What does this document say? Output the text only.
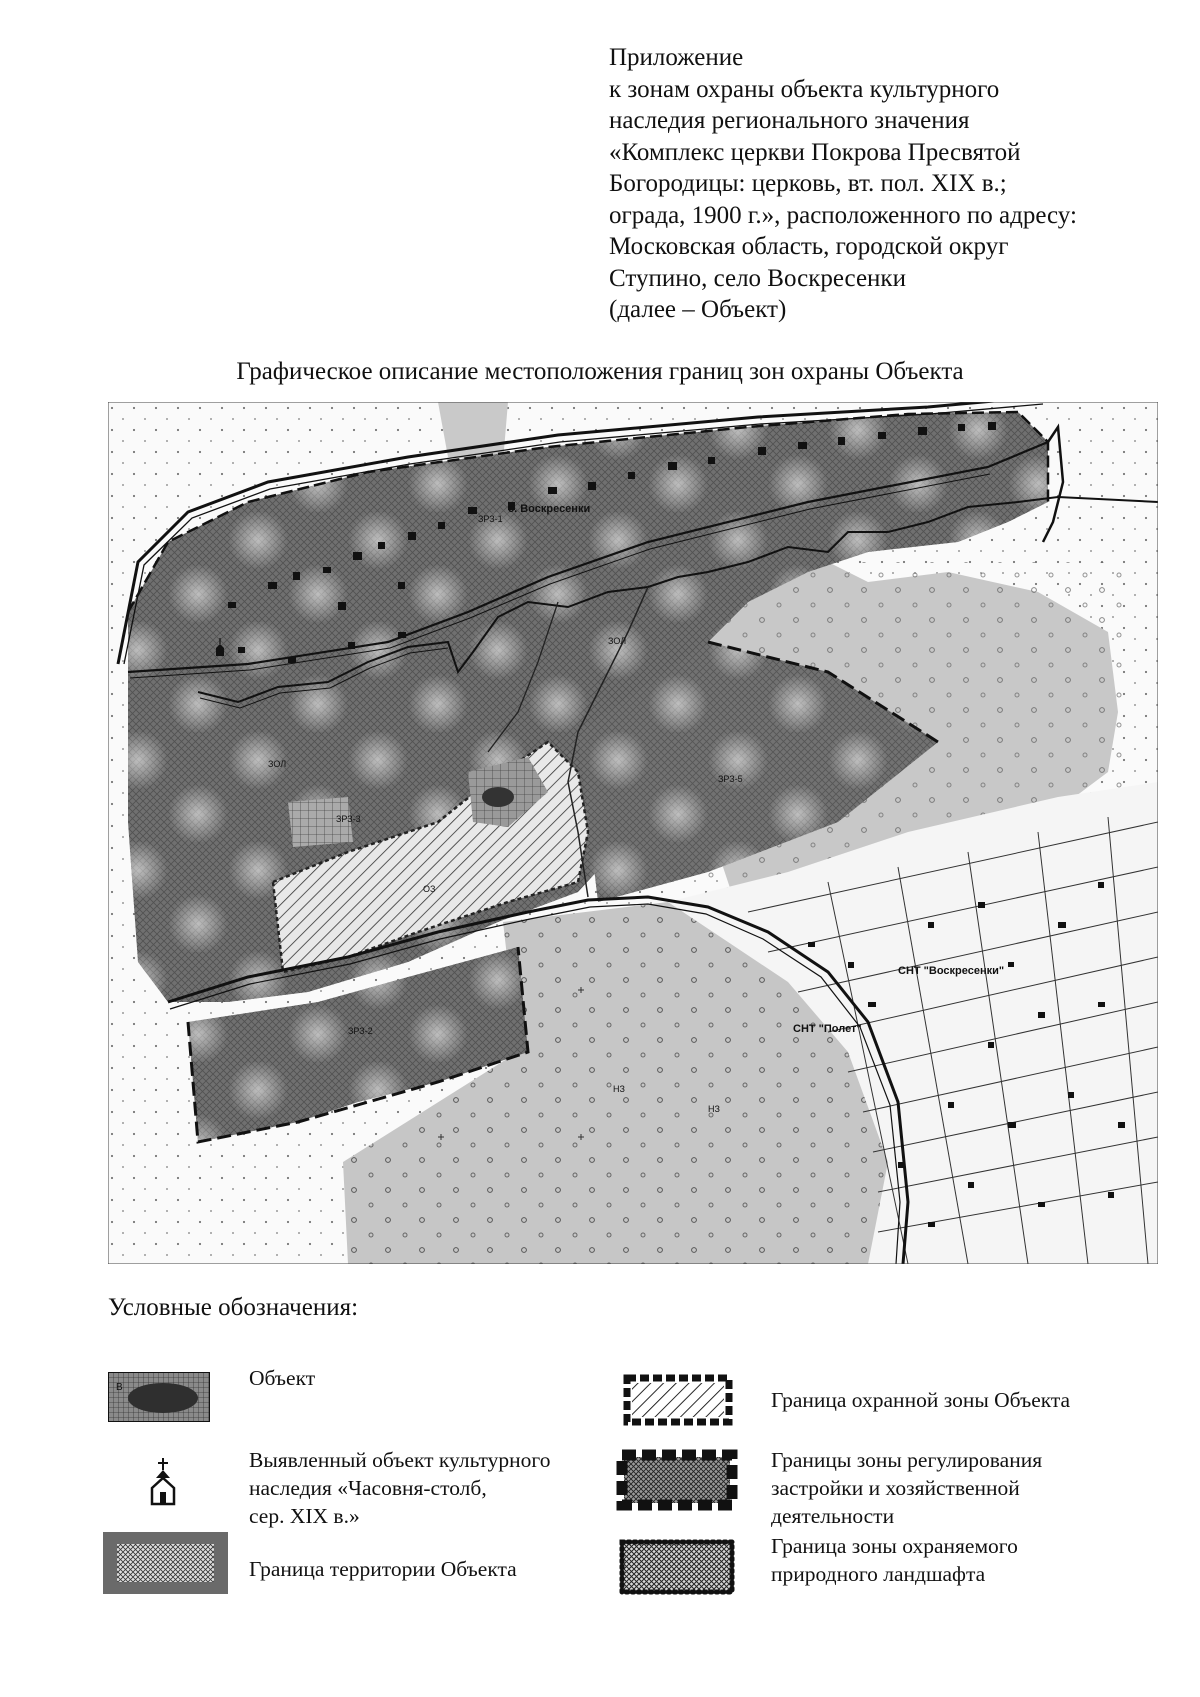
Приложение
к зонам охраны объекта культурного
наследия регионального значения
«Комплекс церкви Покрова Пресвятой
Богородицы: церковь, вт. пол. XIX в.;
ограда, 1900 г.», расположенного по адресу:
Московская область, городской округ
Ступино, село Воскресенки
(далее – Объект)
Графическое описание местоположения границ зон охраны Объекта
с. Воскресенки
СНТ "Воскресенки"
СНТ "Полет"
ЗРЗ-1
ЗРЗ-3
ЗРЗ-5
ЗРЗ-2
ЗОЛ
ЗОЛ
ОЗ
НЗ
НЗ
Условные обозначения:
В	Объект
Выявленный объект культурного
наследия «Часовня-столб,
сер. XIX в.»
Граница территории Объекта
Граница охранной зоны Объекта
Границы зоны регулирования
застройки и хозяйственной
деятельности
Граница зоны охраняемого
природного ландшафта
